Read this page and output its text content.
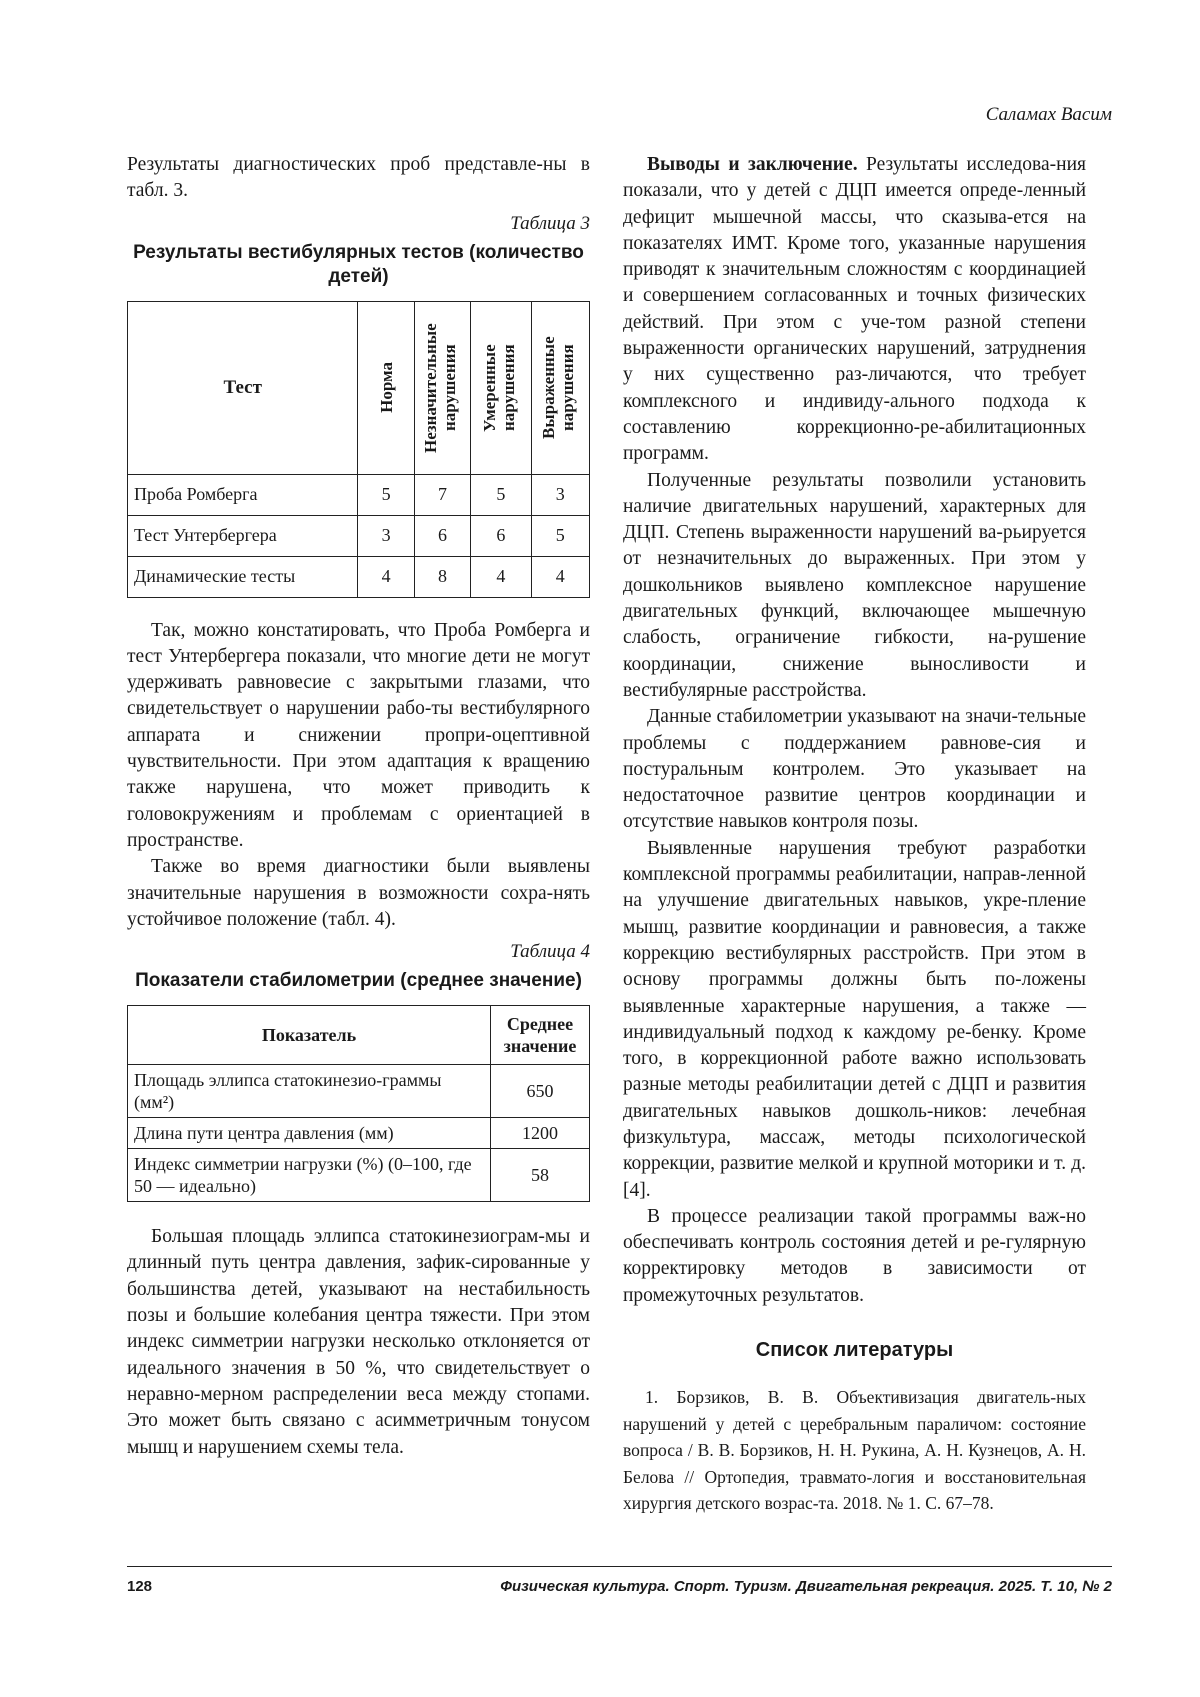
Саламах Васим

Результаты диагностических проб представле-ны в табл. 3.

Таблица 3
Результаты вестибулярных тестов (количество детей)
Тест	Норма	Незначительные нарушения	Умеренные нарушения	Выраженные нарушения

Проба Ромберга	5	7	5	3
Тест Унтербергера	3	6	6	5
Динамические тесты	4	8	4	4

Так, можно констатировать, что Проба Ромберга и тест Унтербергера показали, что многие дети не могут удерживать равновесие с закрытыми глазами, что свидетельствует о нарушении рабо-ты вестибулярного аппарата и снижении пропри-оцептивной чувствительности. При этом адаптация к вращению также нарушена, что может приводить к головокружениям и проблемам с ориентацией в пространстве.

Также во время диагностики были выявлены значительные нарушения в возможности сохра-нять устойчивое положение (табл. 4).

Таблица 4
Показатели стабилометрии (среднее значение)
Показатель	Среднее значение
Площадь эллипса статокинезио-граммы (мм²)	650
Длина пути центра давления (мм)	1200
Индекс симметрии нагрузки (%) (0–100, где 50 — идеально)	58

Большая площадь эллипса статокинезиограм-мы и длинный путь центра давления, зафик-сированные у большинства детей, указывают на нестабильность позы и большие колебания центра тяжести. При этом индекс симметрии нагрузки несколько отклоняется от идеального значения в 50 %, что свидетельствует о неравно-мерном распределении веса между стопами. Это может быть связано с асимметричным тонусом мышц и нарушением схемы тела.

Выводы и заключение. Результаты исследова-ния показали, что у детей с ДЦП имеется опреде-ленный дефицит мышечной массы, что сказыва-ется на показателях ИМТ. Кроме того, указанные нарушения приводят к значительным сложностям с координацией и совершением согласованных и точных физических действий. При этом с уче-том разной степени выраженности органических нарушений, затруднения у них существенно раз-личаются, что требует комплексного и индивиду-ального подхода к составлению коррекционно-ре-абилитационных программ.

Полученные результаты позволили установить наличие двигательных нарушений, характерных для ДЦП. Степень выраженности нарушений ва-рьируется от незначительных до выраженных. При этом у дошкольников выявлено комплексное нарушение двигательных функций, включающее мышечную слабость, ограничение гибкости, на-рушение координации, снижение выносливости и вестибулярные расстройства.

Данные стабилометрии указывают на значи-тельные проблемы с поддержанием равнове-сия и постуральным контролем. Это указывает на недостаточное развитие центров координации и отсутствие навыков контроля позы.

Выявленные нарушения требуют разработки комплексной программы реабилитации, направ-ленной на улучшение двигательных навыков, укре-пление мышц, развитие координации и равновесия, а также коррекцию вестибулярных расстройств. При этом в основу программы должны быть по-ложены выявленные характерные нарушения, а также — индивидуальный подход к каждому ре-бенку. Кроме того, в коррекционной работе важно использовать разные методы реабилитации детей с ДЦП и развития двигательных навыков дошколь-ников: лечебная физкультура, массаж, методы психологической коррекции, развитие мелкой и крупной моторики и т. д. [4].

В процессе реализации такой программы важ-но обеспечивать контроль состояния детей и ре-гулярную корректировку методов в зависимости от промежуточных результатов.

Список литературы

1. Борзиков, В. В. Объективизация двигатель-ных нарушений у детей с церебральным параличом: состояние вопроса / В. В. Борзиков, Н. Н. Рукина, А. Н. Кузнецов, А. Н. Белова // Ортопедия, травмато-логия и восстановительная хирургия детского возрас-та. 2018. № 1. С. 67–78.

128	Физическая культура. Спорт. Туризм. Двигательная рекреация. 2025. Т. 10, № 2
